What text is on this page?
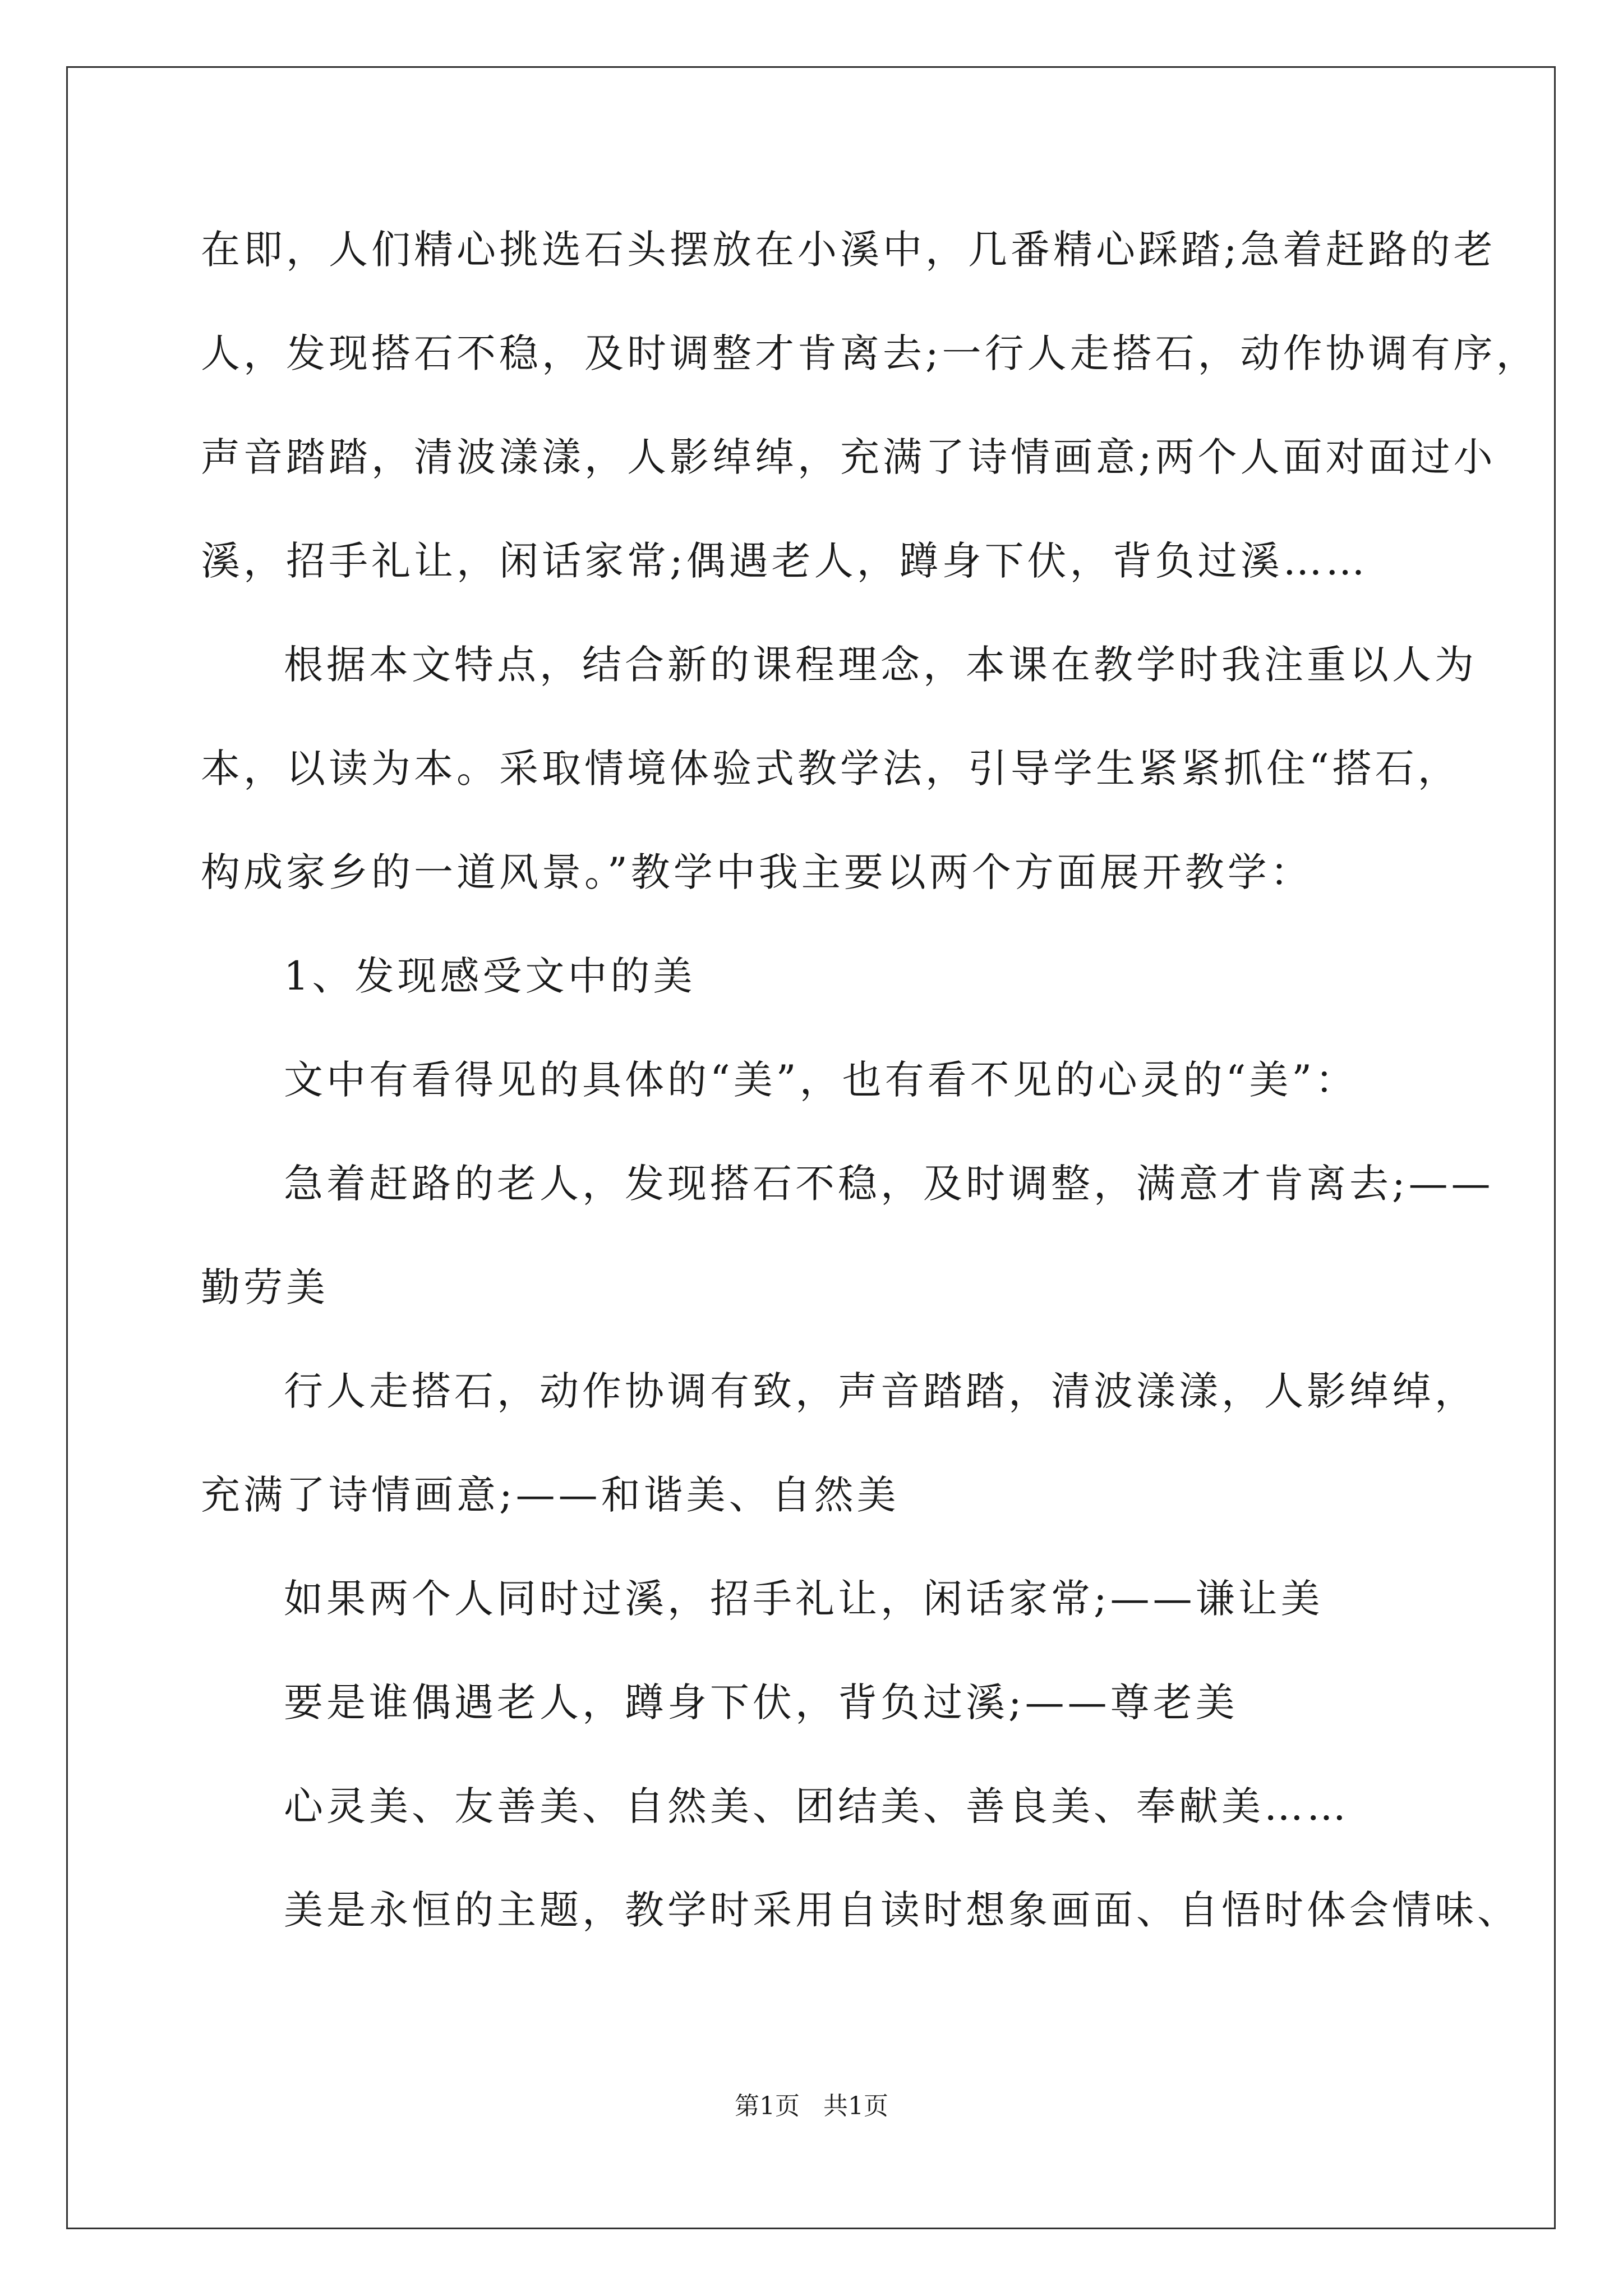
在即，人们精心挑选石头摆放在小溪中，几番精心踩踏;急着赶路的老
人，发现搭石不稳，及时调整才肯离去;一行人走搭石，动作协调有序，
声音踏踏，清波漾漾，人影绰绰，充满了诗情画意;两个人面对面过小
溪，招手礼让，闲话家常;偶遇老人，蹲身下伏，背负过溪……
根据本文特点，结合新的课程理念，本课在教学时我注重以人为
本，以读为本。采取情境体验式教学法，引导学生紧紧抓住“搭石，
构成家乡的一道风景。”教学中我主要以两个方面展开教学：
1、发现感受文中的美
文中有看得见的具体的“美”，也有看不见的心灵的“美”：
急着赶路的老人，发现搭石不稳，及时调整，满意才肯离去;——
勤劳美
行人走搭石，动作协调有致，声音踏踏，清波漾漾，人影绰绰，
充满了诗情画意;——和谐美、自然美
如果两个人同时过溪，招手礼让，闲话家常;——谦让美
要是谁偶遇老人，蹲身下伏，背负过溪;——尊老美
心灵美、友善美、自然美、团结美、善良美、奉献美……
美是永恒的主题，教学时采用自读时想象画面、自悟时体会情味、
第1页   共1页
